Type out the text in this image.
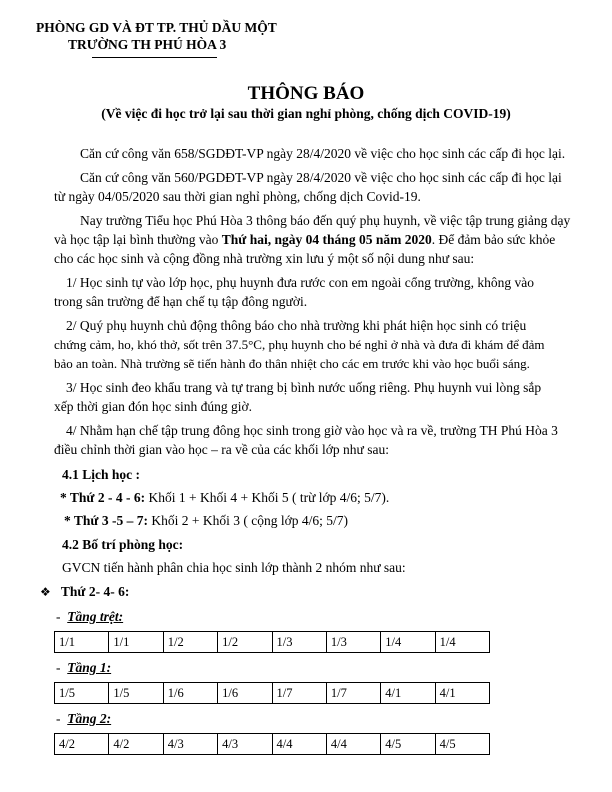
PHÒNG GD VÀ ĐT TP. THỦ DẦU MỘT
TRƯỜNG TH PHÚ HÒA 3
THÔNG BÁO
(Về việc đi học trở lại sau thời gian nghỉ phòng, chống dịch COVID-19)
Căn cứ công văn 658/SGDĐT-VP ngày 28/4/2020 về việc cho học sinh các cấp đi học lại.
Căn cứ công văn 560/PGDĐT-VP ngày 28/4/2020 về việc cho học sinh các cấp đi học lại
từ ngày 04/05/2020 sau thời gian nghỉ phòng, chống dịch Covid-19.
Nay trường Tiểu học Phú Hòa 3 thông báo đến quý phụ huynh, về việc tập trung giảng dạy
và học tập lại bình thường vào Thứ hai, ngày 04 tháng 05 năm 2020. Để đảm bảo sức khỏe
cho các học sinh và cộng đồng nhà trường xin lưu ý một số nội dung như sau:
1/ Học sinh tự vào lớp học, phụ huynh đưa rước con em ngoài cổng trường, không vào
trong sân trường để hạn chế tụ tập đông người.
2/ Quý phụ huynh chủ động thông báo cho nhà trường khi phát hiện học sinh có triệu
chứng cảm, ho, khó thở, sốt trên 37.5°C, phụ huynh cho bé nghỉ ở nhà và đưa đi khám để đảm
bảo an toàn. Nhà trường sẽ tiến hành đo thân nhiệt cho các em trước khi vào học buổi sáng.
3/ Học sinh đeo khẩu trang và tự trang bị bình nước uống riêng. Phụ huynh vui lòng sắp
xếp thời gian đón học sinh đúng giờ.
4/ Nhằm hạn chế tập trung đông học sinh trong giờ vào học và ra về, trường TH Phú Hòa 3
điều chỉnh thời gian vào học – ra về của các khối lớp như sau:
4.1 Lịch học :
* Thứ 2 - 4 - 6: Khối 1 + Khối 4 + Khối 5 ( trừ lớp 4/6; 5/7).
* Thứ 3 -5 – 7: Khối 2 + Khối 3 ( cộng lớp 4/6; 5/7)
4.2 Bố trí phòng học:
GVCN tiến hành phân chia học sinh lớp thành 2 nhóm như sau:
❖ Thứ 2- 4- 6:
-  Tầng trệt:
1/1	1/1	1/2	1/2	1/3	1/3	1/4	1/4
-  Tầng 1:
1/5	1/5	1/6	1/6	1/7	1/7	4/1	4/1
-  Tầng 2:
4/2	4/2	4/3	4/3	4/4	4/4	4/5	4/5
